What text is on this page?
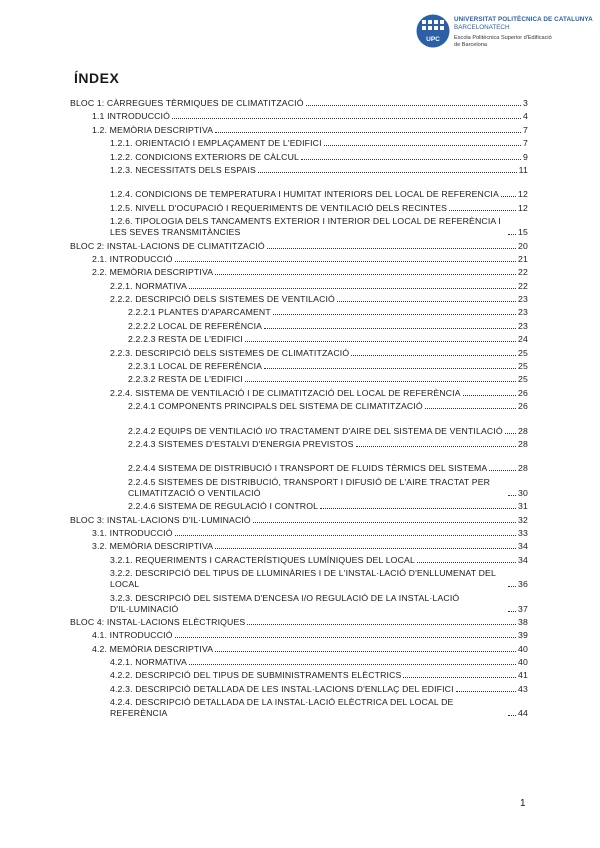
UPC
UNIVERSITAT POLITÈCNICA DE CATALUNYA
BARCELONATECH
Escola Politècnica Superior d'Edificació
de Barcelona
ÍNDEX
BLOC 1: CÀRREGUES TÈRMIQUES DE CLIMATITZACIÓ	3
1.1 INTRODUCCIÓ	4
1.2. MEMÒRIA DESCRIPTIVA	7
1.2.1. ORIENTACIÓ I EMPLAÇAMENT DE L'EDIFICI	7
1.2.2. CONDICIONS EXTERIORS DE CÀLCUL	9
1.2.3. NECESSITATS DELS ESPAIS	11
1.2.4. CONDICIONS DE TEMPERATURA I HUMITAT INTERIORS DEL LOCAL DE REFERENCIA 12
1.2.5. NIVELL D'OCUPACIÓ I REQUERIMENTS DE VENTILACIÓ DELS RECINTES	12
1.2.6. TIPOLOGIA DELS TANCAMENTS EXTERIOR I INTERIOR DEL LOCAL DE REFERÈNCIA I LES SEVES TRANSMITÀNCIES	15
BLOC 2: INSTAL·LACIONS DE CLIMATITZACIÓ	20
2.1. INTRODUCCIÓ	21
2.2. MEMÒRIA DESCRIPTIVA	22
2.2.1. NORMATIVA	22
2.2.2. DESCRIPCIÓ DELS SISTEMES DE VENTILACIÓ	23
2.2.2.1 PLANTES D'APARCAMENT	23
2.2.2.2 LOCAL DE REFERÈNCIA	23
2.2.2.3 RESTA DE L'EDIFICI	24
2.2.3. DESCRIPCIÓ DELS SISTEMES DE CLIMATITZACIÓ	25
2.2.3.1 LOCAL DE REFERÈNCIA	25
2.2.3.2 RESTA DE L'EDIFICI	25
2.2.4. SISTEMA DE VENTILACIÓ I DE CLIMATITZACIÓ DEL LOCAL DE REFERÈNCIA	26
2.2.4.1 COMPONENTS PRINCIPALS DEL SISTEMA DE CLIMATITZACIÓ	26
2.2.4.2 EQUIPS DE VENTILACIÓ I/O TRACTAMENT D'AIRE DEL SISTEMA DE VENTILACIÓ 28
2.2.4.3 SISTEMES D'ESTALVI D'ENERGIA PREVISTOS	28
2.2.4.4 SISTEMA DE DISTRIBUCIÓ I TRANSPORT DE FLUIDS TÈRMICS DEL SISTEMA	28
2.2.4.5 SISTEMES DE DISTRIBUCIÓ, TRANSPORT I DIFUSIÓ DE L'AIRE TRACTAT PER CLIMATITZACIÓ O VENTILACIÓ	30
2.2.4.6 SISTEMA DE REGULACIÓ I CONTROL	31
BLOC 3: INSTAL·LACIONS D'IL·LUMINACIÓ	32
3.1. INTRODUCCIÓ	33
3.2. MEMÒRIA DESCRIPTIVA	34
3.2.1. REQUERIMENTS I CARACTERÍSTIQUES LUMÍNIQUES DEL LOCAL	34
3.2.2. DESCRIPCIÓ DEL TIPUS DE LLUMINÀRIES I DE L'INSTAL·LACIÓ D'ENLLUMENAT DEL LOCAL	36
3.2.3. DESCRIPCIÓ DEL SISTEMA D'ENCESA I/O REGULACIÓ DE LA INSTAL·LACIÓ D'IL·LUMINACIÓ	37
BLOC 4: INSTAL·LACIONS ELÈCTRIQUES	38
4.1. INTRODUCCIÓ	39
4.2. MEMÒRIA DESCRIPTIVA	40
4.2.1. NORMATIVA	40
4.2.2. DESCRIPCIÓ DEL TIPUS DE SUBMINISTRAMENTS ELÈCTRICS	41
4.2.3. DESCRIPCIÓ DETALLADA DE LES INSTAL·LACIONS D'ENLLAÇ DEL EDIFICI	43
4.2.4. DESCRIPCIÓ DETALLADA DE LA INSTAL·LACIÓ ELÈCTRICA DEL LOCAL DE REFERÈNCIA	44
1
